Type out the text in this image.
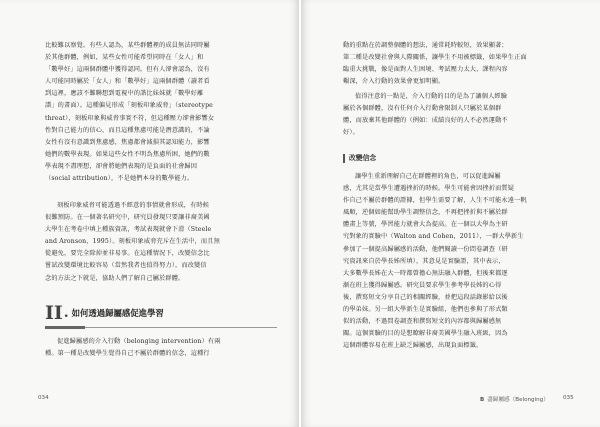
比較難以察覺。有些人認為，某些群體裡的成員無法同時屬
於其他群體，例如，某些女性可能希望同時在「女人」和
「數學好」這兩個群體中獲得認同。但有人卻會認為，沒有
人可能同時屬於「女人」和「數學好」這兩個群體（讀者看
到這裡，應該不難聯想到電視中的諧比妹妹就「數學好離
譜」的畫面）。這種偏見形成「刻板印象威脅」（stereotype
threat），刻板印象與威脅事實不符，但這種壓力卻會影響女
性對自己能力的信心，而且這種焦慮可能是潛意識的，不論
女性有沒有意識到焦慮感，焦慮都會減損其認知能力，影響
她們的數學表現。如果這些女性不明為焦慮所困，她們的數
學表現不盡理想，卻會將她們表現的是負面的社會歸因
（social attribution），不是她們本身的數學能力。
刻板印象威脅可能透過不經意的事情就會形成，有時候
很難預防。在一個著名研究中，研究員發現只要讓非裔美國
大學生在考卷中填上種族資訊，考試表現就會下滑（Steele
and Aronson，1995）。刻板印象威脅充斥在生活中，而且無
從避免，要完全除掉並非易事。在這種情況下，改變信念比
嘗試改變環境比較容易（當然我者也值得努力），而改變信
念的方法之下就是，協助人們了解自己屬於群體。
II . 如何透過歸屬感促進學習
促進歸屬感的介入行動（belonging intervention）有兩
種。第一種是改變學生覺得自己不屬於群體的信念，這種行
034
動的重點在於調整個體的想法，通常耗時較短，效果顯著；
第二種是改變社會與人際關係，讓學生不用被標籤，如果學生正面
臨重大挑戰，像是面對人生困境、考試壓力太大、課程內容
艱深，介入行動的效果會更加明顯。
值得注意的一點是，介入行動的目的是為了讓個人經驗
屬於各個群體，沒有任何介入行動會限制人只屬於某個群
體，而放棄其他群體的（例如：成績良好的人不必然運動不
好）。
改變信念
讓學生重新理解自己在群體裡的角色，可以促進歸屬
感，尤其是當學生遭遇挫折的時候。學生可能會因挫折而質疑
作自己不屬於群體的證據，但學生需要了解，人生不可能永遠一帆
風順，逆個如能幫助學生調整信念，不再把挫折與不屬於群
體畫上等號，學習能力就會大為提高。在一個以大學為主研
究對象的實驗中（Walton and Cohen，2011），一群大學新生
參加了一個提高歸屬感的活動，他們閱讀一份問卷調查（研
究資訊來自於學長姊所填），其意見是實驗證，其中表示，
大多數學長姊在大一時都曾擔心無法融入群體，但後來都逐
漸在班上獲得歸屬感。研究員要求學生參考學長姊的心得
後，撰寫短文分享自己的相關經驗，並把這段話錄影給以後
的學弟妹。另一組大學新生是實驗組，他們也參與了形式類
似的活動，不過問卷調查和撰寫短文的內容都與歸屬感無
關。這個實驗的目的是想瞭解非裔美國學生融入班級，因為
這個群體容易在班上缺乏歸屬感，出現負面標籤。
B 盡歸屬感（Belonging）	035
